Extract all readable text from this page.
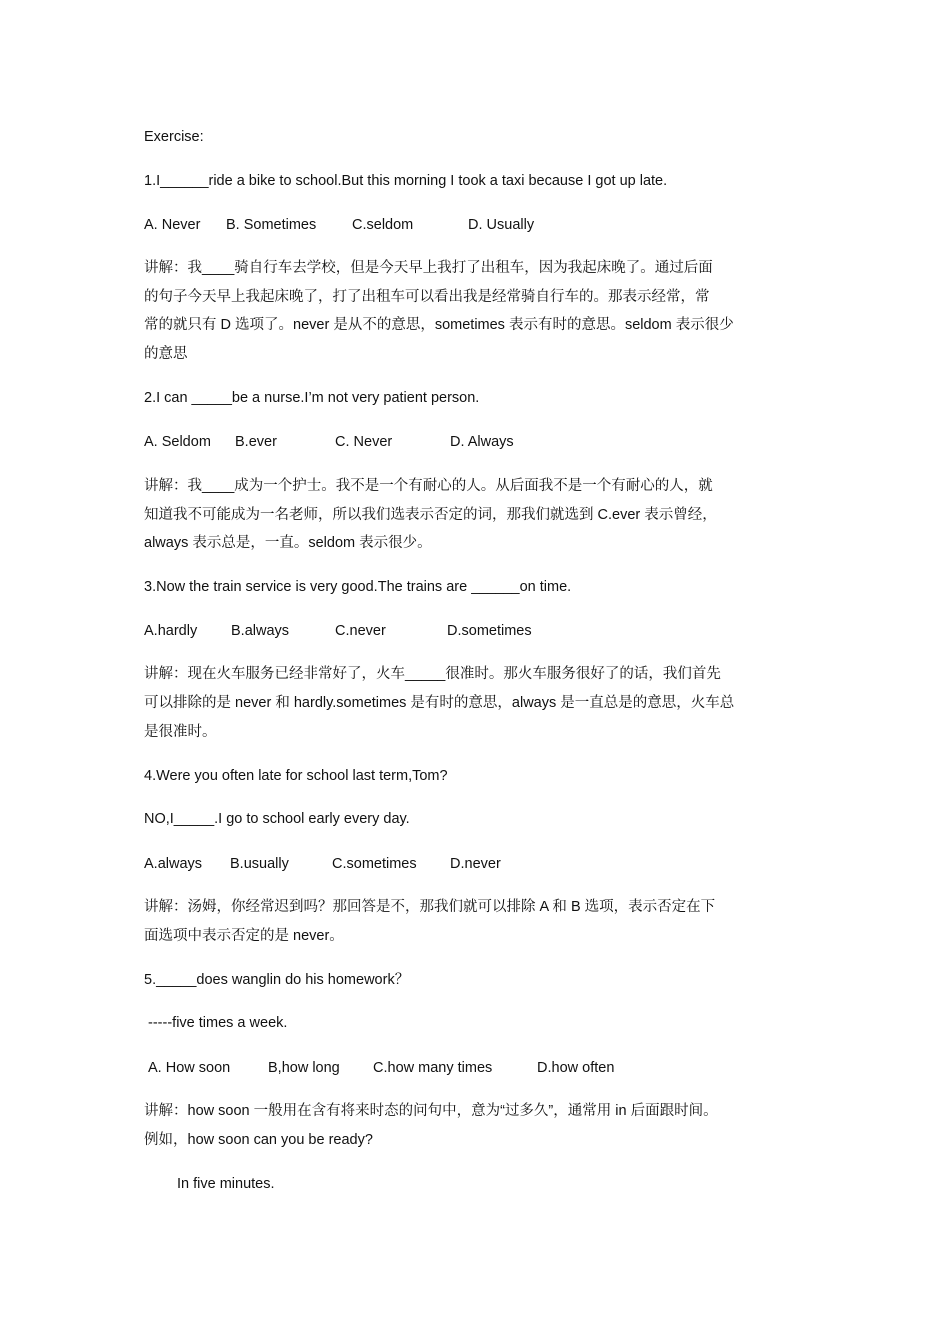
Exercise:
1.I______ride a bike to school.But this morning I took a taxi because I got up late.
A. Never B. Sometimes C.seldom	D. Usually
讲解：我____骑自行车去学校，但是今天早上我打了出租车，因为我起床晚了。通过后面
的句子今天早上我起床晚了，打了出租车可以看出我是经常骑自行车的。那表示经常，常
常的就只有 D 选项了。never 是从不的意思，sometimes 表示有时的意思。seldom 表示很少
的意思
2.I can _____be a nurse.I’m not very patient person.
A. Seldom B.ever	C. Never	D. Always
讲解：我____成为一个护士。我不是一个有耐心的人。从后面我不是一个有耐心的人，就
知道我不可能成为一名老师，所以我们选表示否定的词，那我们就选到 C.ever 表示曾经，
always 表示总是，一直。seldom 表示很少。
3.Now the train service is very good.The trains are ______on time.
A.hardly B.always	C.never	D.sometimes
讲解：现在火车服务已经非常好了，火车_____很准时。那火车服务很好了的话，我们首先
可以排除的是 never 和 hardly.sometimes 是有时的意思，always 是一直总是的意思，火车总
是很准时。
4.Were you often late for school last term,Tom?
NO,I_____.I go to school early every day.
A.always B.usually	C.sometimes D.never
讲解：汤姆，你经常迟到吗？那回答是不，那我们就可以排除 A 和 B 选项，表示否定在下
面选项中表示否定的是 never。
5._____does wanglin do his homework？
-----five times a week.
A. How soon	B,how long C.how many times	D.how often
讲解：how soon 一般用在含有将来时态的问句中，意为“过多久”，通常用 in 后面跟时间。
例如，how soon can you be ready?
In five minutes.
